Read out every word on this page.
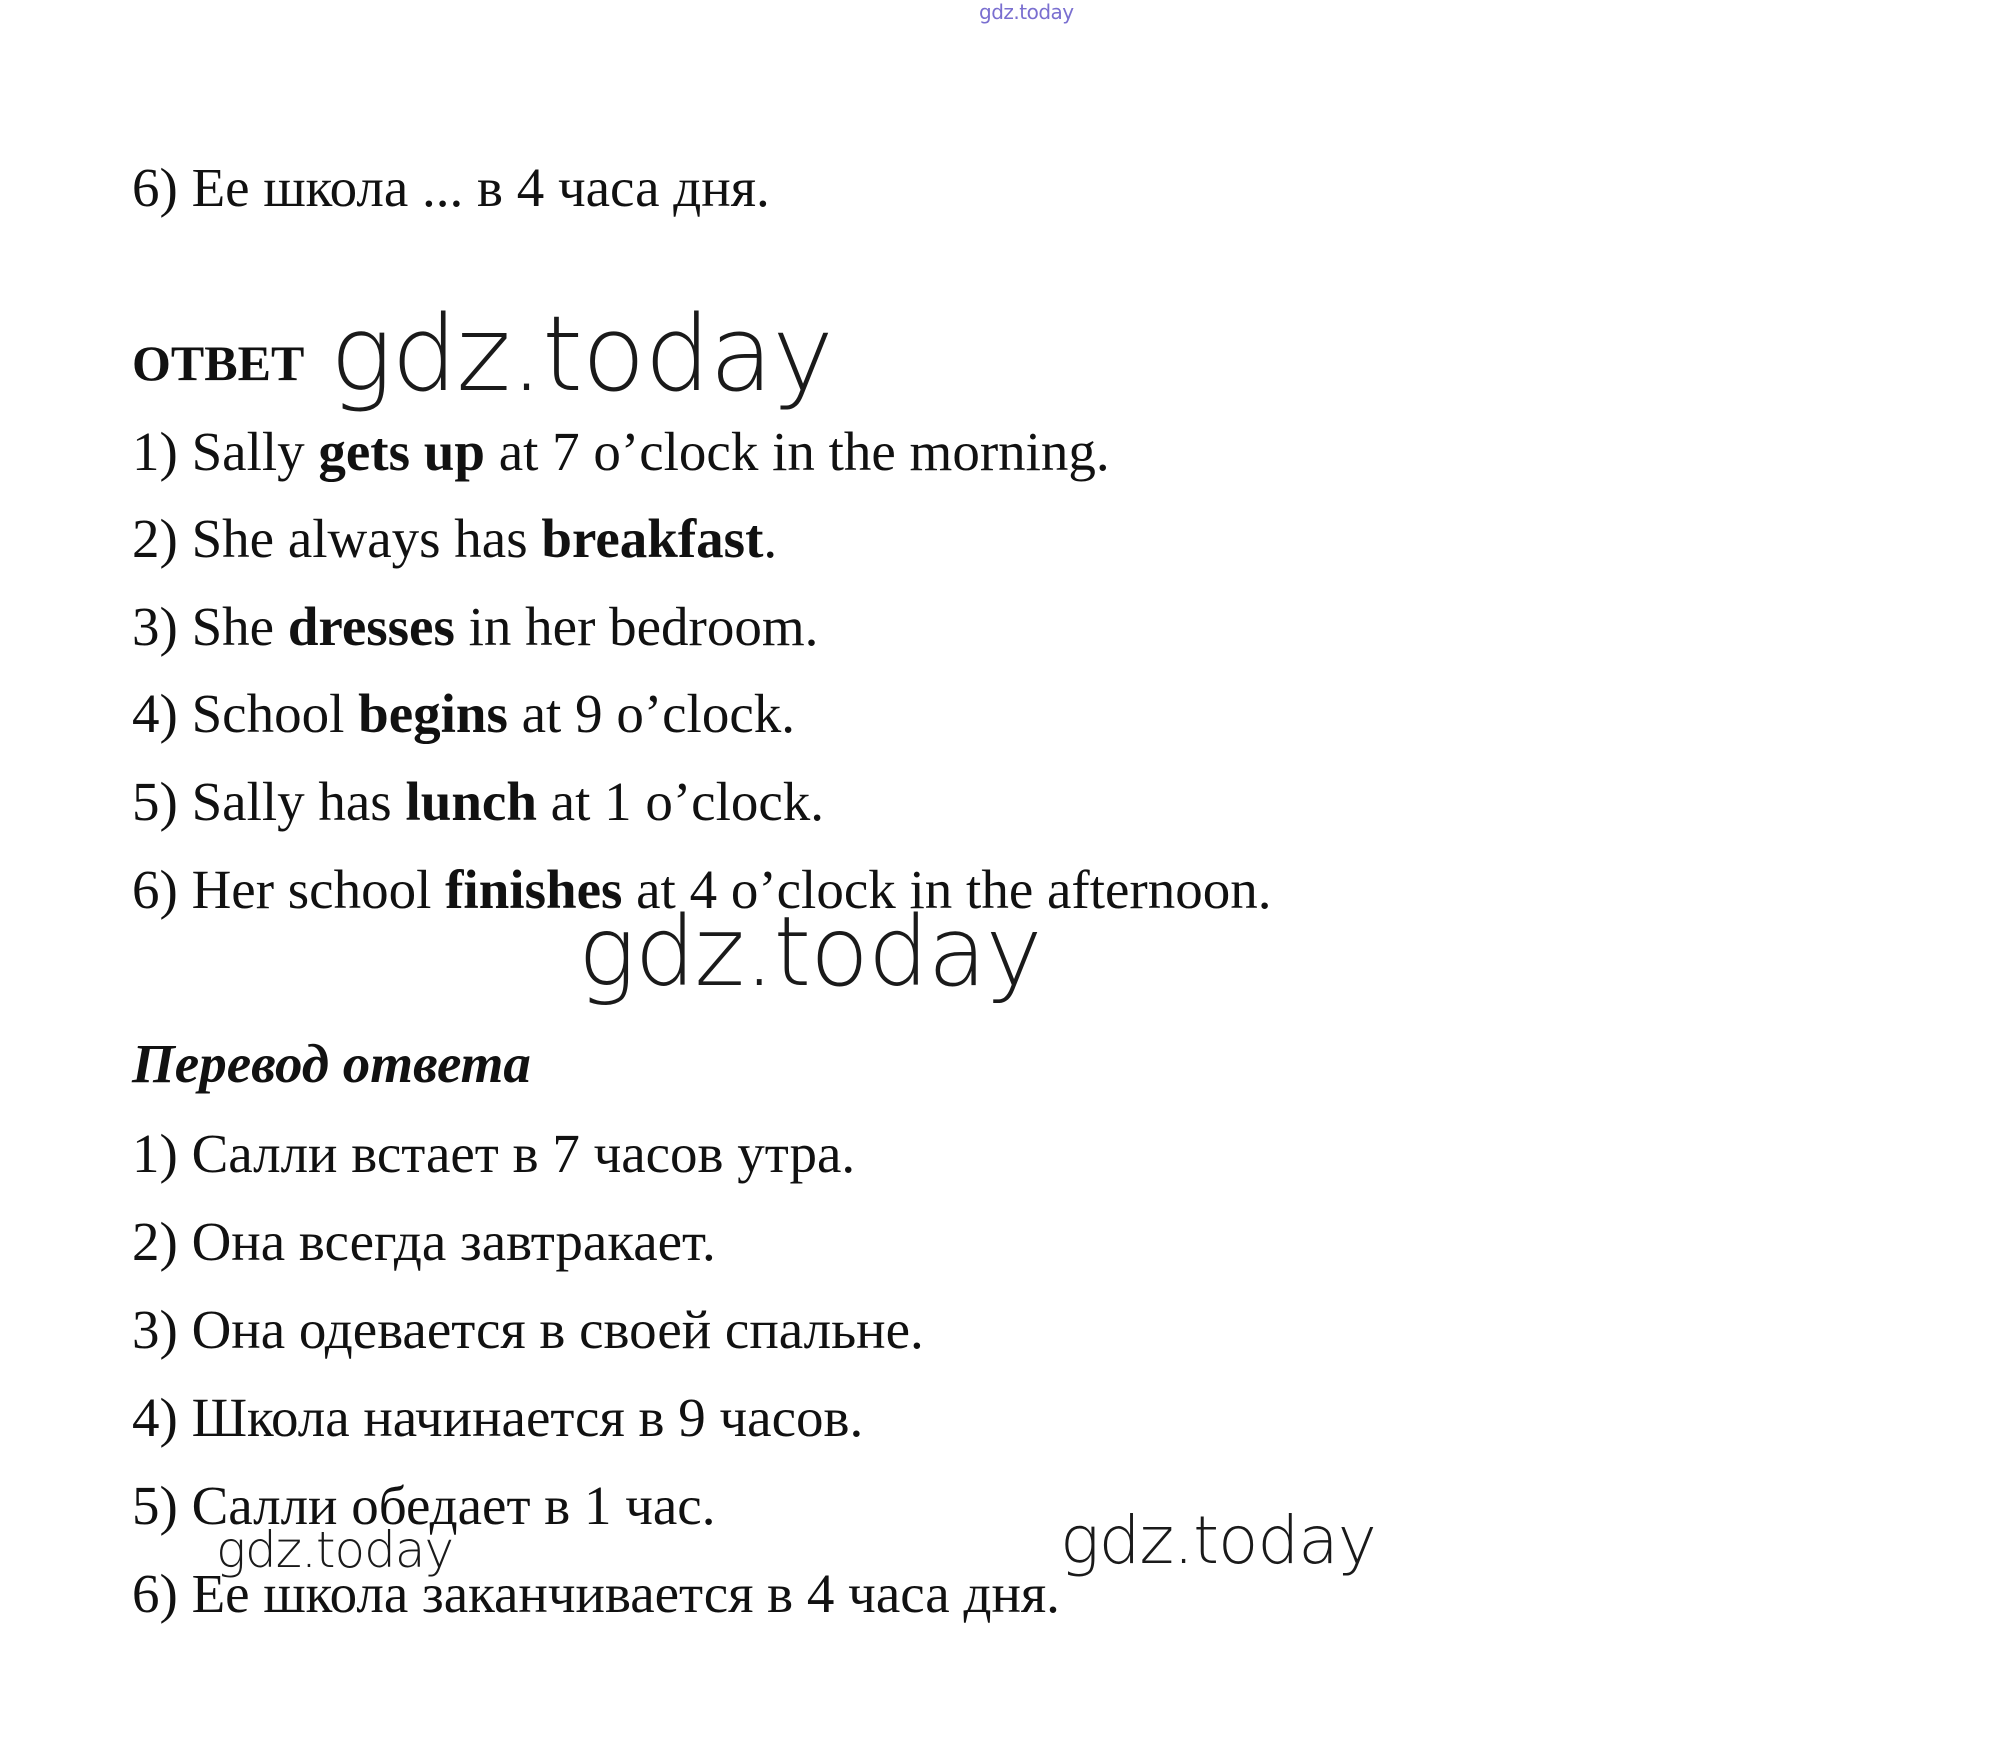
gdz.today
6) Ее школа ... в 4 часа дня.
ОТВЕТ gdz.today
1) Sally gets up at 7 o’clock in the morning.
2) She always has breakfast.
3) She dresses in her bedroom.
4) School begins at 9 o’clock.
5) Sally has lunch at 1 o’clock.
6) Her school finishes at 4 o’clock in the afternoon.
gdz.today
Перевод ответа
1) Салли встает в 7 часов утра.
2) Она всегда завтракает.
3) Она одевается в своей спальне.
4) Школа начинается в 9 часов.
5) Салли обедает в 1 час.
gdz.today	gdz.today
6) Ее школа заканчивается в 4 часа дня.
